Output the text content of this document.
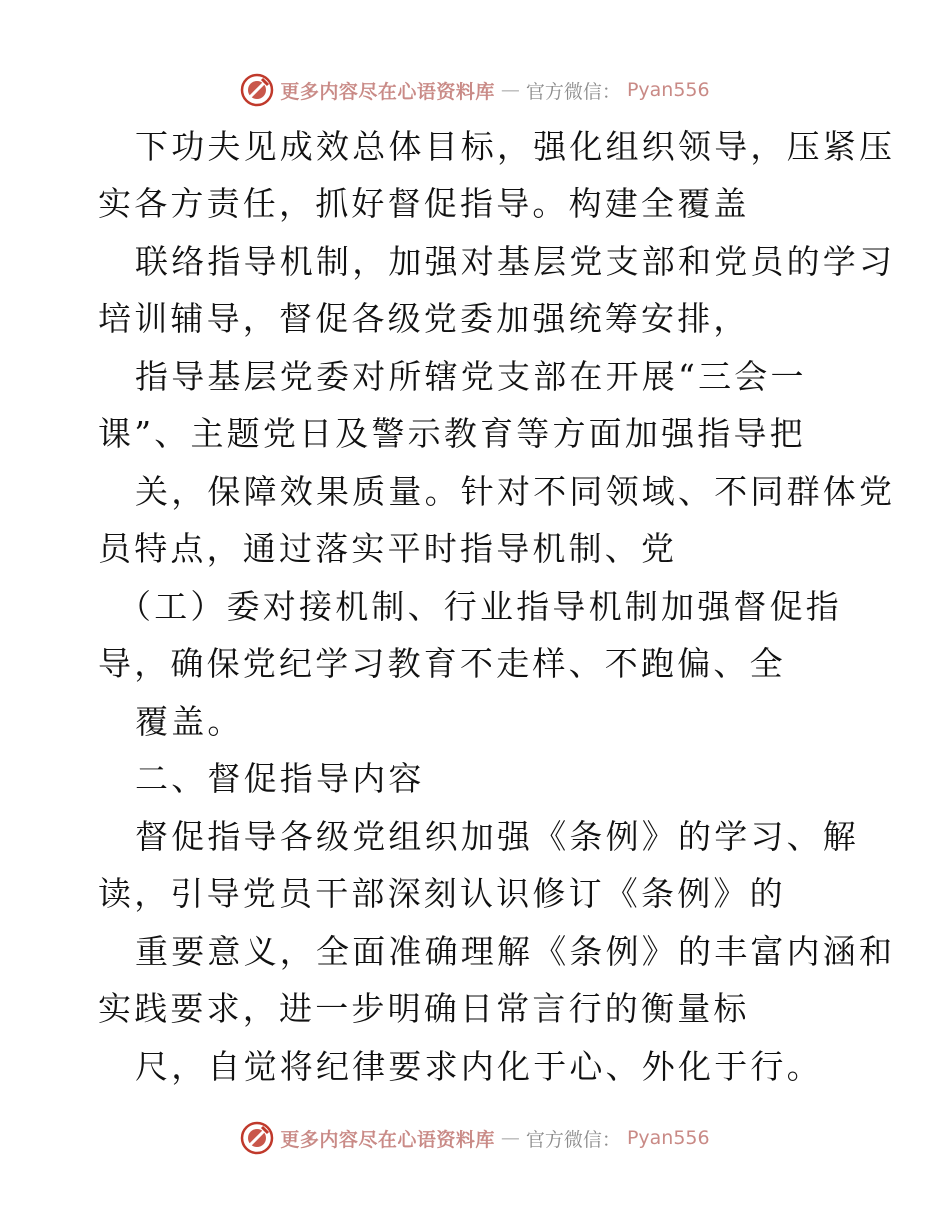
更多内容尽在心语资料库 — 官方微信： Pyan556
下功夫见成效总体目标，强化组织领导，压紧压
实各方责任，抓好督促指导。构建全覆盖
联络指导机制，加强对基层党支部和党员的学习
培训辅导，督促各级党委加强统筹安排，
指导基层党委对所辖党支部在开展“三会一
课”、主题党日及警示教育等方面加强指导把
关，保障效果质量。针对不同领域、不同群体党
员特点，通过落实平时指导机制、党
（工）委对接机制、行业指导机制加强督促指
导，确保党纪学习教育不走样、不跑偏、全
覆盖。
二、督促指导内容
督促指导各级党组织加强《条例》的学习、解
读，引导党员干部深刻认识修订《条例》的
重要意义，全面准确理解《条例》的丰富内涵和
实践要求，进一步明确日常言行的衡量标
尺，自觉将纪律要求内化于心、外化于行。
更多内容尽在心语资料库 — 官方微信： Pyan556
